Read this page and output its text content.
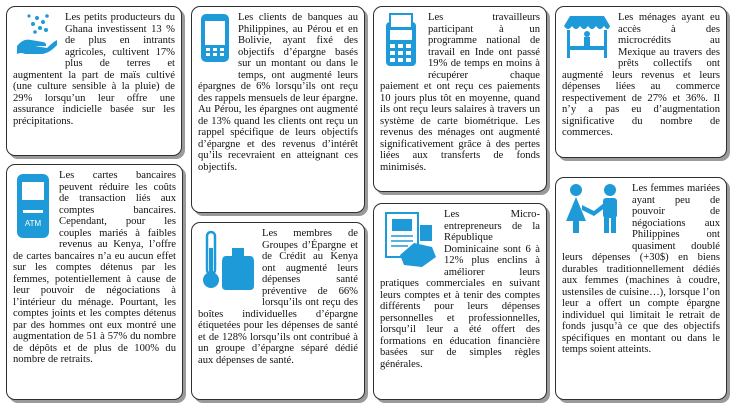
Les petits producteurs du Ghana investissent 13 % de plus en intrants agricoles, cultivent 17% plus de terres et augmentent la part de maïs cultivé (une culture sensible à la pluie) de 29% lorsqu’un leur offre une assurance indicielle basée sur les précipitations.

Les clients de banques au Philippines, au Pérou et en Bolivie, ayant fixé des objectifs d’épargne basés sur un montant ou dans le temps, ont augmenté leurs épargnes de 6% lorsqu’ils ont reçu des rappels mensuels de leur épargne. Au Pérou, les épargnes ont augmenté de 13% quand les clients ont reçu un rappel spécifique de leurs objectifs d’épargne et des revenus d’intérêt qu’ils recevraient en atteignant ces objectifs.

Les travailleurs participant à un programme national de travail en Inde ont passé 19% de temps en moins à récupérer chaque paiement et ont reçu ces paiements 10 jours plus tôt en moyenne, quand ils ont reçu leurs salaires à travers un système de carte biométrique. Les revenus des ménages ont augmenté significativement grâce à des pertes liées aux transferts de fonds minimisés.

Les ménages ayant eu accès à des microcrédits au Mexique au travers des prêts collectifs ont augmenté leurs revenus et leurs dépenses liées au commerce respectivement de 27% et 36%. Il n’y a pas eu d’augmentation significative du nombre de commerces.

ATM

Les cartes bancaires peuvent réduire les coûts de transaction liés aux comptes bancaires. Cependant, pour les couples mariés à faibles revenus au Kenya, l’offre de cartes bancaires n’a eu aucun effet sur les comptes détenus par les femmes, potentiellement à cause de leur pouvoir de négociations à l’intérieur du ménage. Pourtant, les comptes joints et les comptes détenus par des hommes ont eux montré une augmentation de 51 à 57% du nombre de dépôts et de plus de 100% du nombre de retraits.

Les membres de Groupes d’Épargne et de Crédit au Kenya ont augmenté leurs dépenses santé préventive de 66% lorsqu’ils ont reçu des boîtes individuelles d’épargne étiquetées pour les dépenses de santé et de 128% lorsqu’ils ont contribué à un groupe d’épargne séparé dédié aux dépenses de santé.

Les Micro-entrepreneurs de la République Dominicaine sont 6 à 12% plus enclins à améliorer leurs pratiques commerciales en suivant leurs comptes et à tenir des comptes différents pour leurs dépenses personnelles et professionnelles, lorsqu’il leur a été offert des formations en éducation financière basées sur de simples règles générales.

Les femmes mariées ayant peu de pouvoir de négociations aux Philippines ont quasiment doublé leurs dépenses (+30$) en biens durables traditionnellement dédiés aux femmes (machines à coudre, ustensiles de cuisine…), lorsque l’on leur a offert un compte épargne individuel qui limitait le retrait de fonds jusqu’à ce que des objectifs spécifiques en montant ou dans le temps soient atteints.
